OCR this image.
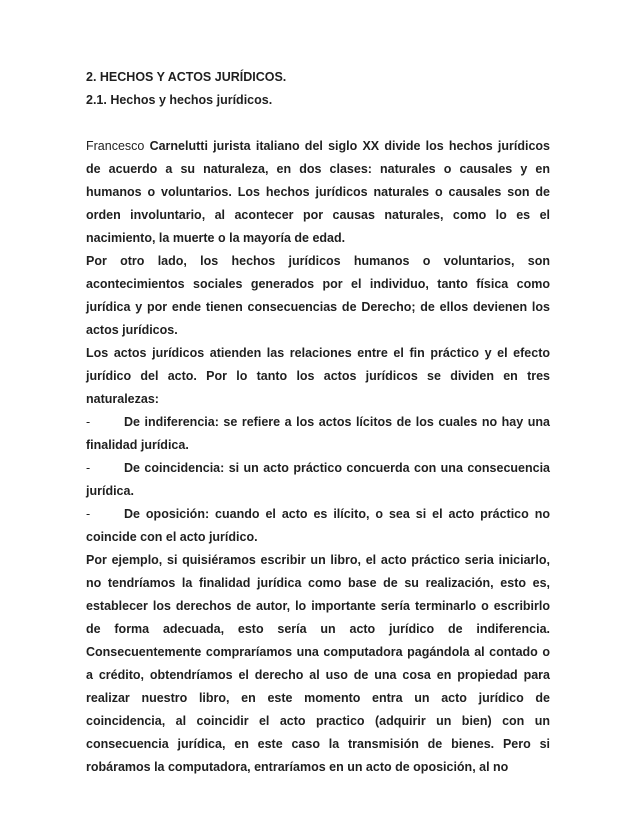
2. HECHOS Y ACTOS JURÍDICOS.
2.1. Hechos y hechos jurídicos.

Francesco Carnelutti jurista italiano del siglo XX divide los hechos jurídicos de acuerdo a su naturaleza, en dos clases: naturales o causales y en humanos o voluntarios. Los hechos jurídicos naturales o causales son de orden involuntario, al acontecer por causas naturales, como lo es el nacimiento, la muerte o la mayoría de edad.

Por otro lado, los hechos jurídicos humanos o voluntarios, son acontecimientos sociales generados por el individuo, tanto física como jurídica y por ende tienen consecuencias de Derecho; de ellos devienen los actos jurídicos.

Los actos jurídicos atienden las relaciones entre el fin práctico y el efecto jurídico del acto. Por lo tanto los actos jurídicos se dividen en tres naturalezas:

-	De indiferencia: se refiere a los actos lícitos de los cuales no hay una finalidad jurídica.
-	De coincidencia: si un acto práctico concuerda con una consecuencia jurídica.
-	De oposición: cuando el acto es ilícito, o sea si el acto práctico no coincide con el acto jurídico.

Por ejemplo, si quisiéramos escribir un libro, el acto práctico seria iniciarlo, no tendríamos la finalidad jurídica como base de su realización, esto es, establecer los derechos de autor, lo importante sería terminarlo o escribirlo de forma adecuada, esto sería un acto jurídico de indiferencia. Consecuentemente compraríamos una computadora pagándola al contado o a crédito, obtendríamos el derecho al uso de una cosa en propiedad para realizar nuestro libro, en este momento entra un acto jurídico de coincidencia, al coincidir el acto practico (adquirir un bien) con un consecuencia jurídica, en este caso la transmisión de bienes. Pero si robáramos la computadora, entraríamos en un acto de oposición, al no
